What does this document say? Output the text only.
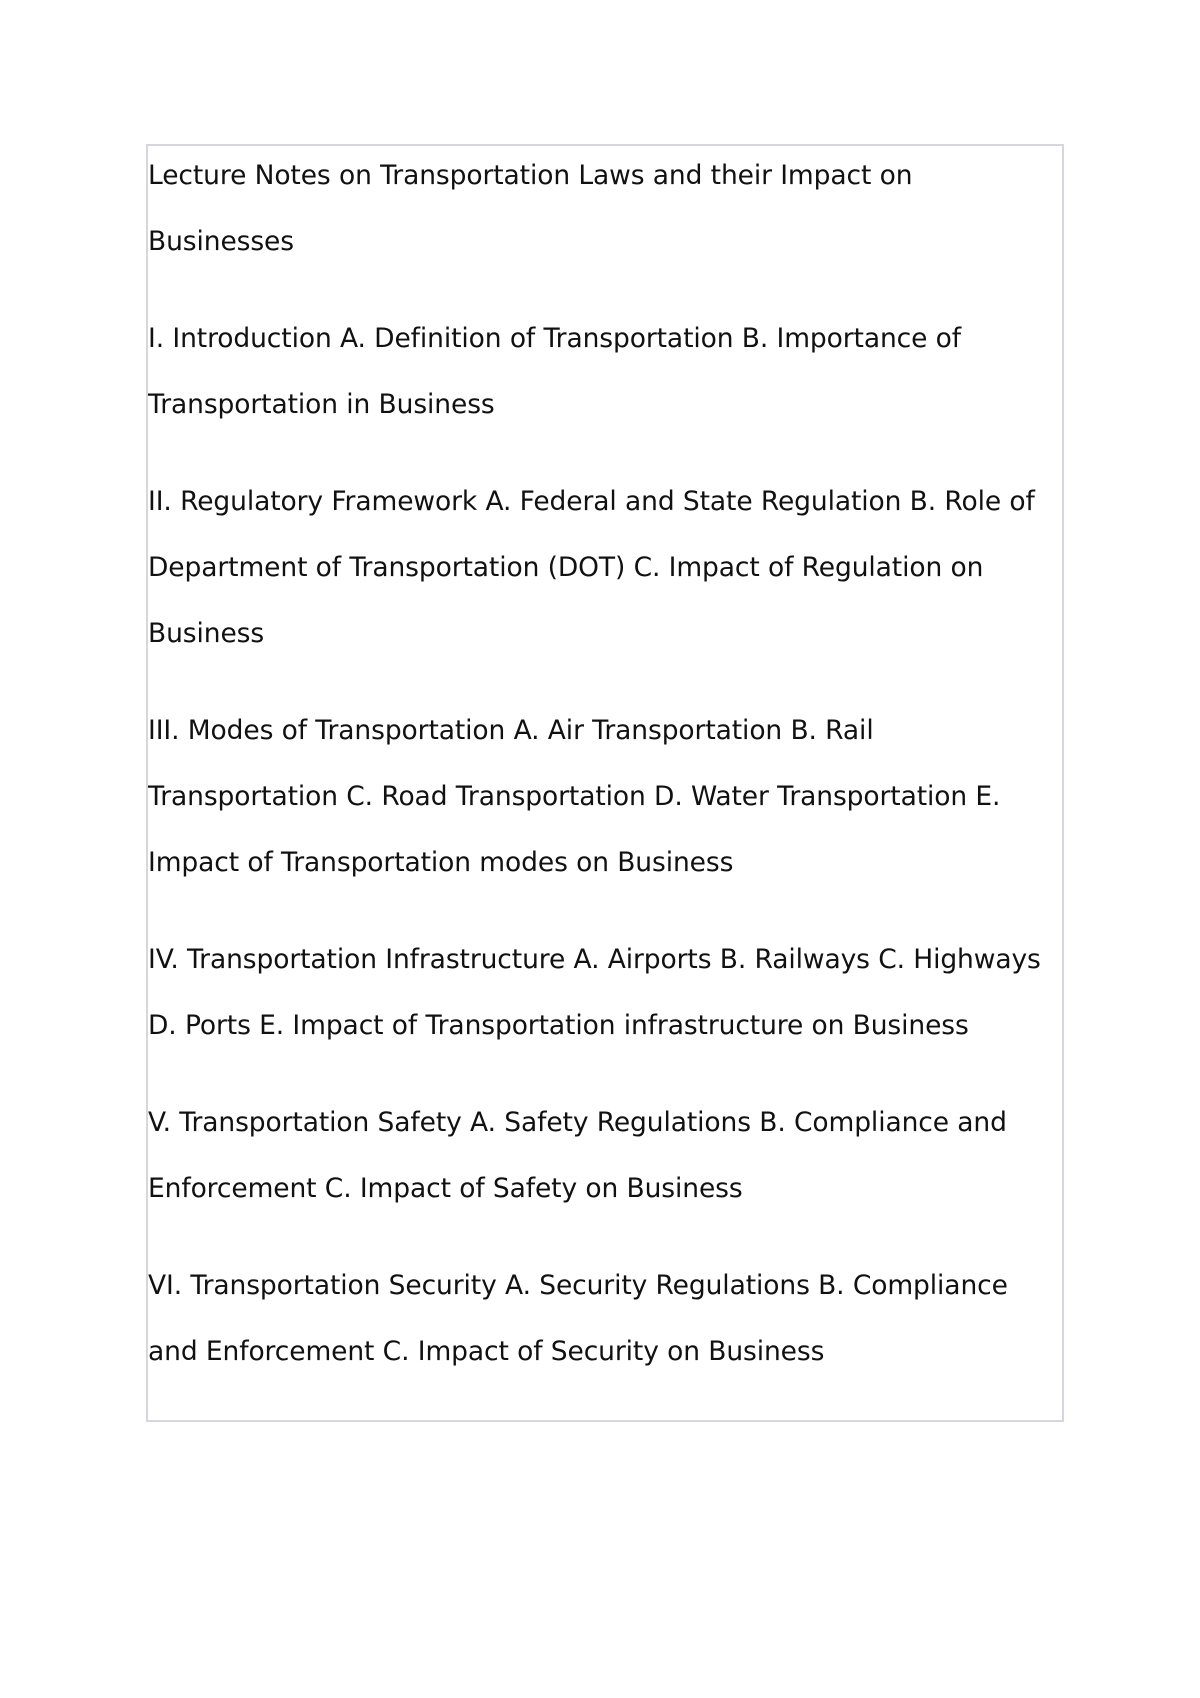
Lecture Notes on Transportation Laws and their Impact on Businesses

I. Introduction A. Definition of Transportation B. Importance of Transportation in Business

II. Regulatory Framework A. Federal and State Regulation B. Role of Department of Transportation (DOT) C. Impact of Regulation on Business

III. Modes of Transportation A. Air Transportation B. Rail Transportation C. Road Transportation D. Water Transportation E. Impact of Transportation modes on Business

IV. Transportation Infrastructure A. Airports B. Railways C. Highways D. Ports E. Impact of Transportation infrastructure on Business

V. Transportation Safety A. Safety Regulations B. Compliance and Enforcement C. Impact of Safety on Business

VI. Transportation Security A. Security Regulations B. Compliance and Enforcement C. Impact of Security on Business
